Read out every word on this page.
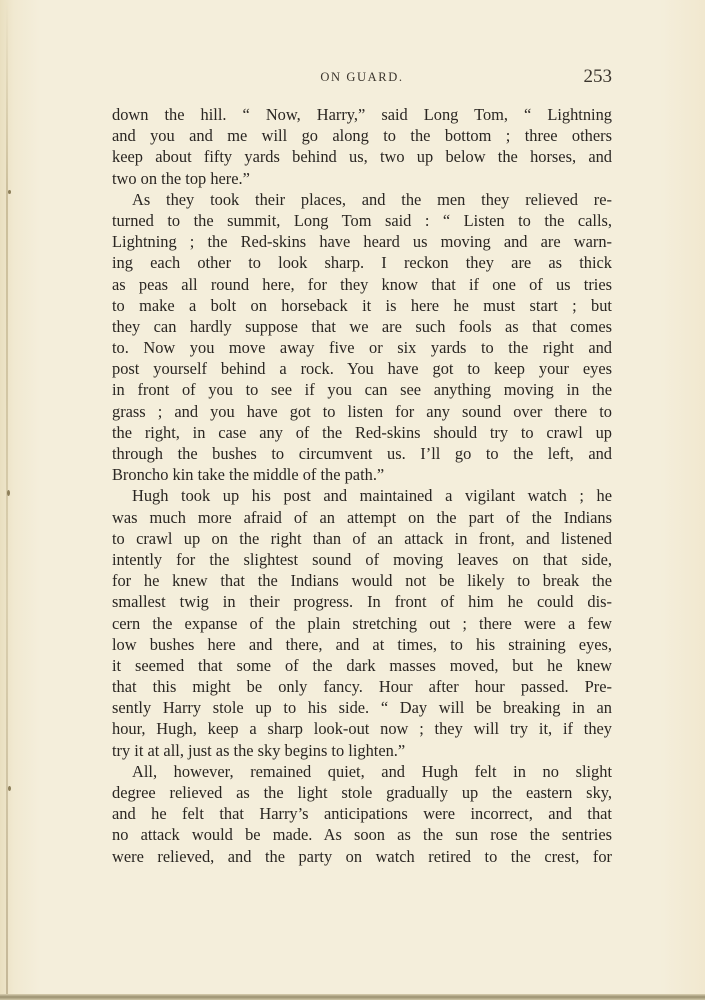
ON GUARD.	253
down the hill. “ Now, Harry,” said Long Tom, “ Lightning
and you and me will go along to the bottom ; three others
keep about fifty yards behind us, two up below the horses, and
two on the top here.”
As they took their places, and the men they relieved re-
turned to the summit, Long Tom said : “ Listen to the calls,
Lightning ; the Red-skins have heard us moving and are warn-
ing each other to look sharp. I reckon they are as thick
as peas all round here, for they know that if one of us tries
to make a bolt on horseback it is here he must start ; but
they can hardly suppose that we are such fools as that comes
to. Now you move away five or six yards to the right and
post yourself behind a rock. You have got to keep your eyes
in front of you to see if you can see anything moving in the
grass ; and you have got to listen for any sound over there to
the right, in case any of the Red-skins should try to crawl up
through the bushes to circumvent us. I’ll go to the left, and
Broncho kin take the middle of the path.”
Hugh took up his post and maintained a vigilant watch ; he
was much more afraid of an attempt on the part of the Indians
to crawl up on the right than of an attack in front, and listened
intently for the slightest sound of moving leaves on that side,
for he knew that the Indians would not be likely to break the
smallest twig in their progress. In front of him he could dis-
cern the expanse of the plain stretching out ; there were a few
low bushes here and there, and at times, to his straining eyes,
it seemed that some of the dark masses moved, but he knew
that this might be only fancy. Hour after hour passed. Pre-
sently Harry stole up to his side. “ Day will be breaking in an
hour, Hugh, keep a sharp look-out now ; they will try it, if they
try it at all, just as the sky begins to lighten.”
All, however, remained quiet, and Hugh felt in no slight
degree relieved as the light stole gradually up the eastern sky,
and he felt that Harry’s anticipations were incorrect, and that
no attack would be made. As soon as the sun rose the sentries
were relieved, and the party on watch retired to the crest, for
